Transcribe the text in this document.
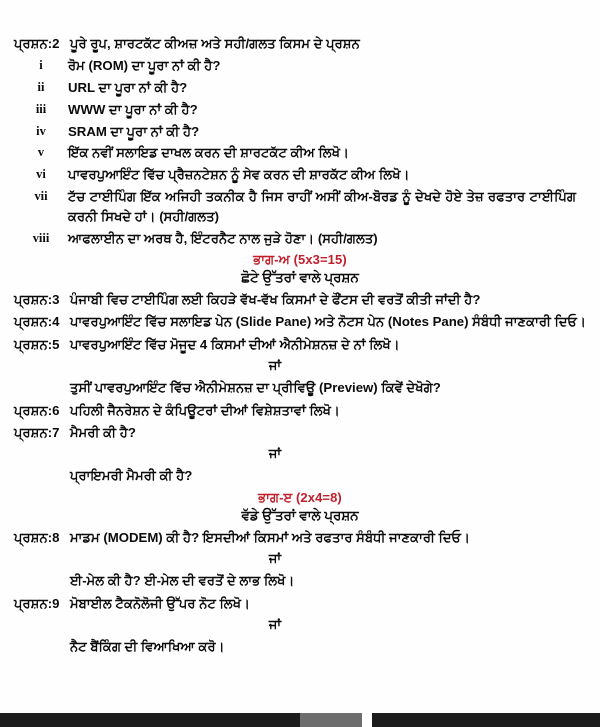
ਪ੍ਰਸ਼ਨ:2 ਪੂਰੇ ਰੂਪ, ਸ਼ਾਰਟਕੱਟ ਕੀਅਜ਼ ਅਤੇ ਸਹੀ/ਗਲਤ ਕਿਸਮ ਦੇ ਪ੍ਰਸ਼ਨ
i	ਰੋਮ (ROM) ਦਾ ਪੂਰਾ ਨਾਂ ਕੀ ਹੈ?
ii	URL ਦਾ ਪੂਰਾ ਨਾਂ ਕੀ ਹੈ?
iii	WWW ਦਾ ਪੂਰਾ ਨਾਂ ਕੀ ਹੈ?
iv	SRAM ਦਾ ਪੂਰਾ ਨਾਂ ਕੀ ਹੈ?
v	ਇੱਕ ਨਵੀਂ ਸਲਾਇਡ ਦਾਖਲ ਕਰਨ ਦੀ ਸ਼ਾਰਟਕੱਟ ਕੀਅ ਲਿਖੋ।
vi	ਪਾਵਰਪੁਆਇੰਟ ਵਿੱਚ ਪ੍ਰੈਜ਼ਨਟੇਸ਼ਨ ਨੂੰ ਸੇਵ ਕਰਨ ਦੀ ਸ਼ਾਰਕੱਟ ਕੀਅ ਲਿਖੋ।
vii	ਟੱਚ ਟਾਈਪਿੰਗ ਇੱਕ ਅਜਿਹੀ ਤਕਨੀਕ ਹੈ ਜਿਸ ਰਾਹੀਂ ਅਸੀਂ ਕੀਅ-ਬੋਰਡ ਨੂੰ ਦੇਖਦੇ ਹੋਏ ਤੇਜ਼ ਰਫਤਾਰ ਟਾਈਪਿੰਗ ਕਰਨੀ ਸਿਖਦੇ ਹਾਂ। (ਸਹੀ/ਗਲਤ)
viii	ਆਫਲਾਈਨ ਦਾ ਅਰਥ ਹੈ, ਇੰਟਰਨੈਟ ਨਾਲ ਜੁੜੇ ਹੋਣਾ। (ਸਹੀ/ਗਲਤ)
ਭਾਗ-ਅ (5x3=15)
ਛੋਟੇ ਉੱਤਰਾਂ ਵਾਲੇ ਪ੍ਰਸ਼ਨ
ਪ੍ਰਸ਼ਨ:3 ਪੰਜਾਬੀ ਵਿਚ ਟਾਈਪਿੰਗ ਲਈ ਕਿਹੜੇ ਵੱਖ-ਵੱਖ ਕਿਸਮਾਂ ਦੇ ਫੌਂਟਸ ਦੀ ਵਰਤੋਂ ਕੀਤੀ ਜਾਂਦੀ ਹੈ?
ਪ੍ਰਸ਼ਨ:4 ਪਾਵਰਪੁਆਇੰਟ ਵਿੱਚ ਸਲਾਇਡ ਪੇਨ (Slide Pane) ਅਤੇ ਨੋਟਸ ਪੇਨ (Notes Pane) ਸੰਬੰਧੀ ਜਾਣਕਾਰੀ ਦਿਓ।
ਪ੍ਰਸ਼ਨ:5 ਪਾਵਰਪੁਆਇੰਟ ਵਿੱਚ ਮੋਜੂਦ 4 ਕਿਸਮਾਂ ਦੀਆਂ ਐਨੀਮੇਸ਼ਨਜ਼ ਦੇ ਨਾਂ ਲਿਖੋ।
ਜਾਂ
ਤੁਸੀਂ ਪਾਵਰਪੁਆਇੰਟ ਵਿੱਚ ਐਨੀਮੇਸ਼ਨਜ਼ ਦਾ ਪ੍ਰੀਵਿਊ (Preview) ਕਿਵੇਂ ਦੇਖੋਗੇ?
ਪ੍ਰਸ਼ਨ:6 ਪਹਿਲੀ ਜੈਨਰੇਸ਼ਨ ਦੇ ਕੰਪਿਊਟਰਾਂ ਦੀਆਂ ਵਿਸ਼ੇਸ਼ਤਾਵਾਂ ਲਿਖੋ।
ਪ੍ਰਸ਼ਨ:7 ਮੈਮਰੀ ਕੀ ਹੈ?
ਜਾਂ
ਪ੍ਰਾਇਮਰੀ ਮੈਮਰੀ ਕੀ ਹੈ?
ਭਾਗ-ੲ (2x4=8)
ਵੱਡੇ ਉੱਤਰਾਂ ਵਾਲੇ ਪ੍ਰਸ਼ਨ
ਪ੍ਰਸ਼ਨ:8 ਮਾਡਮ (MODEM) ਕੀ ਹੈ? ਇਸਦੀਆਂ ਕਿਸਮਾਂ ਅਤੇ ਰਫਤਾਰ ਸੰਬੰਧੀ ਜਾਣਕਾਰੀ ਦਿਓ।
ਜਾਂ
ਈ-ਮੇਲ ਕੀ ਹੈ? ਈ-ਮੇਲ ਦੀ ਵਰਤੋਂ ਦੇ ਲਾਭ ਲਿਖੋ।
ਪ੍ਰਸ਼ਨ:9 ਮੋਬਾਈਲ ਟੈਕਨੋਲੋਜੀ ਉੱਪਰ ਨੋਟ ਲਿਖੋ।
ਜਾਂ
ਨੈਟ ਬੈਂਕਿੰਗ ਦੀ ਵਿਆਖਿਆ ਕਰੋ।
